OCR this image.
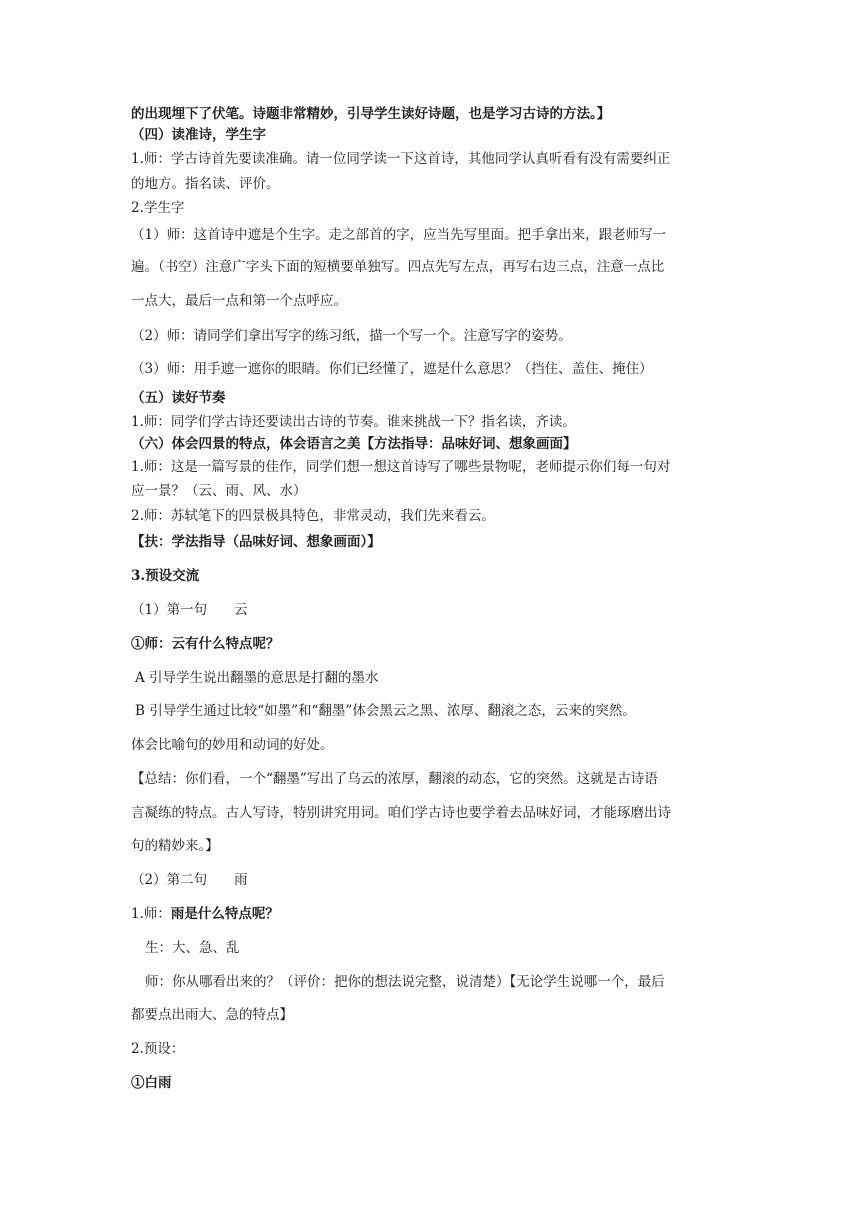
的出现埋下了伏笔。诗题非常精妙，引导学生读好诗题，也是学习古诗的方法。】
（四）读准诗，学生字
1.师：学古诗首先要读准确。请一位同学读一下这首诗，其他同学认真听看有没有需要纠正
的地方。指名读、评价。
2.学生字
（1）师：这首诗中遮是个生字。走之部首的字，应当先写里面。把手拿出来，跟老师写一
遍。（书空）注意广字头下面的短横要单独写。四点先写左点，再写右边三点，注意一点比
一点大，最后一点和第一个点呼应。
（2）师：请同学们拿出写字的练习纸，描一个写一个。注意写字的姿势。
（3）师：用手遮一遮你的眼睛。你们已经懂了，遮是什么意思？（挡住、盖住、掩住）
（五）读好节奏
1.师：同学们学古诗还要读出古诗的节奏。谁来挑战一下？指名读，齐读。
（六）体会四景的特点，体会语言之美【方法指导：品味好词、想象画面】
1.师：这是一篇写景的佳作，同学们想一想这首诗写了哪些景物呢，老师提示你们每一句对
应一景？（云、雨、风、水）
2.师：苏轼笔下的四景极具特色，非常灵动，我们先来看云。
【扶：学法指导（品味好词、想象画面）】
3.预设交流
（1）第一句　　云
①师：云有什么特点呢？
A 引导学生说出翻墨的意思是打翻的墨水
B 引导学生通过比较“如墨”和“翻墨”体会黑云之黑、浓厚、翻滚之态，云来的突然。
体会比喻句的妙用和动词的好处。
【总结：你们看，一个“翻墨”写出了乌云的浓厚，翻滚的动态，它的突然。这就是古诗语
言凝练的特点。古人写诗，特别讲究用词。咱们学古诗也要学着去品味好词，才能琢磨出诗
句的精妙来。】
（2）第二句　　雨
1.师：雨是什么特点呢？
生：大、急、乱
师：你从哪看出来的？（评价：把你的想法说完整，说清楚）【无论学生说哪一个，最后
都要点出雨大、急的特点】
2.预设：
①白雨
